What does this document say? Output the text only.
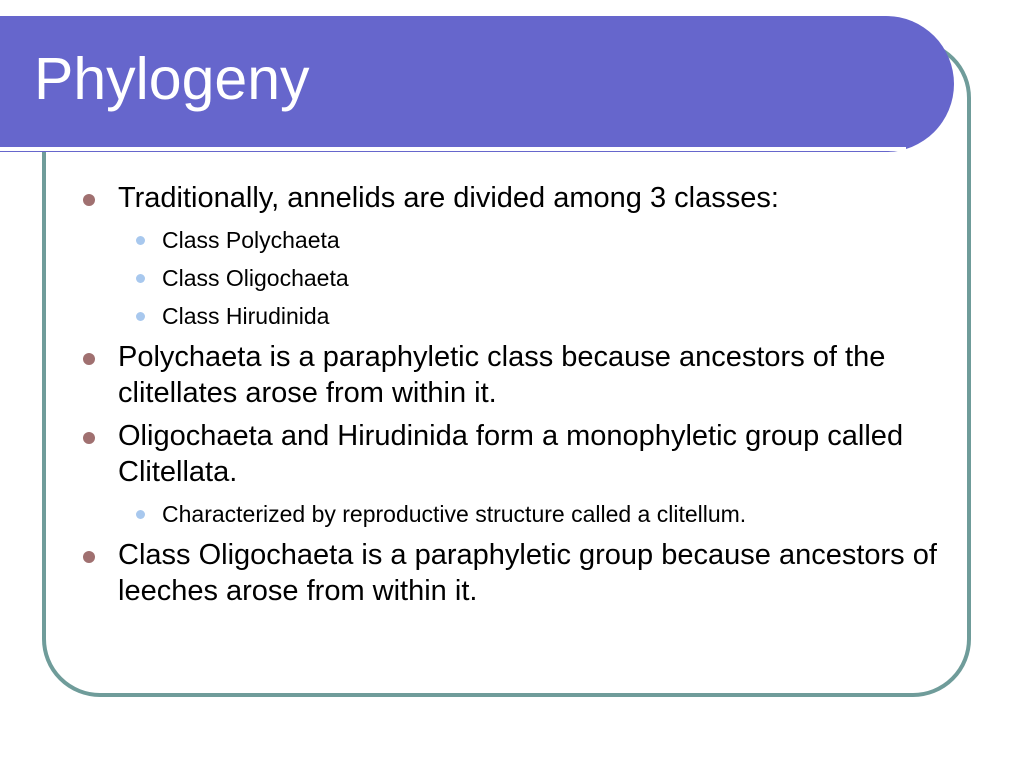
Phylogeny

Traditionally, annelids are divided among 3 classes:

Class Polychaeta

Class Oligochaeta

Class Hirudinida

Polychaeta is a paraphyletic class because ancestors of the clitellates arose from within it.

Oligochaeta and Hirudinida form a monophyletic group called Clitellata.

Characterized by reproductive structure called a clitellum.

Class Oligochaeta is a paraphyletic group because ancestors of leeches arose from within it.
